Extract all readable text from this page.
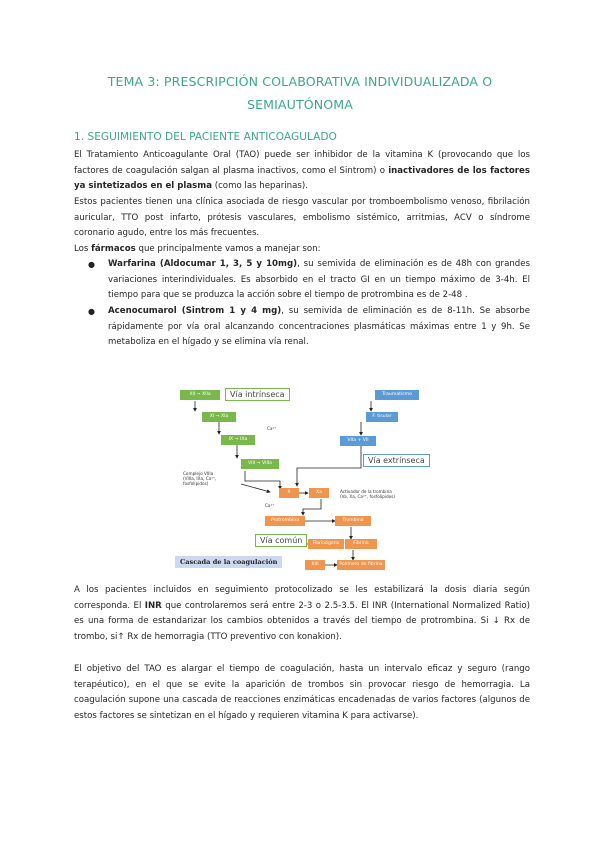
TEMA 3: PRESCRIPCIÓN COLABORATIVA INDIVIDUALIZADA O
SEMIAUTÓNOMA
1. SEGUIMIENTO DEL PACIENTE ANTICOAGULADO
El Tratamiento Anticoagulante Oral (TAO) puede ser inhibidor de la vitamina K (provocando que los factores de coagulación salgan al plasma inactivos, como el Sintrom) o inactivadores de los factores ya sintetizados en el plasma (como las heparinas).
Estos pacientes tienen una clínica asociada de riesgo vascular por tromboembolismo venoso, fibrilación auricular, TTO post infarto, prótesis vasculares, embolismo sistémico, arritmias, ACV o síndrome coronario agudo, entre los más frecuentes.
Los fármacos que principalmente vamos a manejar son:
● Warfarina (Aldocumar 1, 3, 5 y 10mg), su semivida de eliminación es de 48h con grandes variaciones interindividuales. Es absorbido en el tracto GI en un tiempo máximo de 3-4h. El tiempo para que se produzca la acción sobre el tiempo de protrombina es de 2-48 .
● Acenocumarol (Sintrom 1 y 4 mg), su semivida de eliminación es de 8-11h. Se absorbe rápidamente por vía oral alcanzando concentraciones plasmáticas máximas entre 1 y 9h. Se metaboliza en el hígado y se elimina vía renal.
XII → XIIa	Vía intrínseca
XI → XIa
Ca²⁺
IX → IXa
VIII → VIIIa
Traumatismo
F. tisular
VIIa + VII
Vía extrínseca
Complejo VIIIa
(VIIIa, IXa, Ca²⁺,
fosfolípidos)
X	Xa	Activador de la trombina
(Va, Xa, Ca²⁺, fosfolípidos)
Ca²⁺
Protrombina	Trombina
Vía común	Fibrinógeno	Fibrina
Cascada de la coagulación	XIII	Polímero de fibrina
A los pacientes incluidos en seguimiento protocolizado se les estabilizará la dosis diaria según corresponda. El INR que controlaremos será entre 2-3 o 2.5-3.5. El INR (International Normalized Ratio) es una forma de estandarizar los cambios obtenidos a través del tiempo de protrombina. Si ↓ Rx de trombo, si↑ Rx de hemorragia (TTO preventivo con konakion).
El objetivo del TAO es alargar el tiempo de coagulación, hasta un intervalo eficaz y seguro (rango terapéutico), en el que se evite la aparición de trombos sin provocar riesgo de hemorragia. La coagulación supone una cascada de reacciones enzimáticas encadenadas de varios factores (algunos de estos factores se sintetizan en el hígado y requieren vitamina K para activarse).
